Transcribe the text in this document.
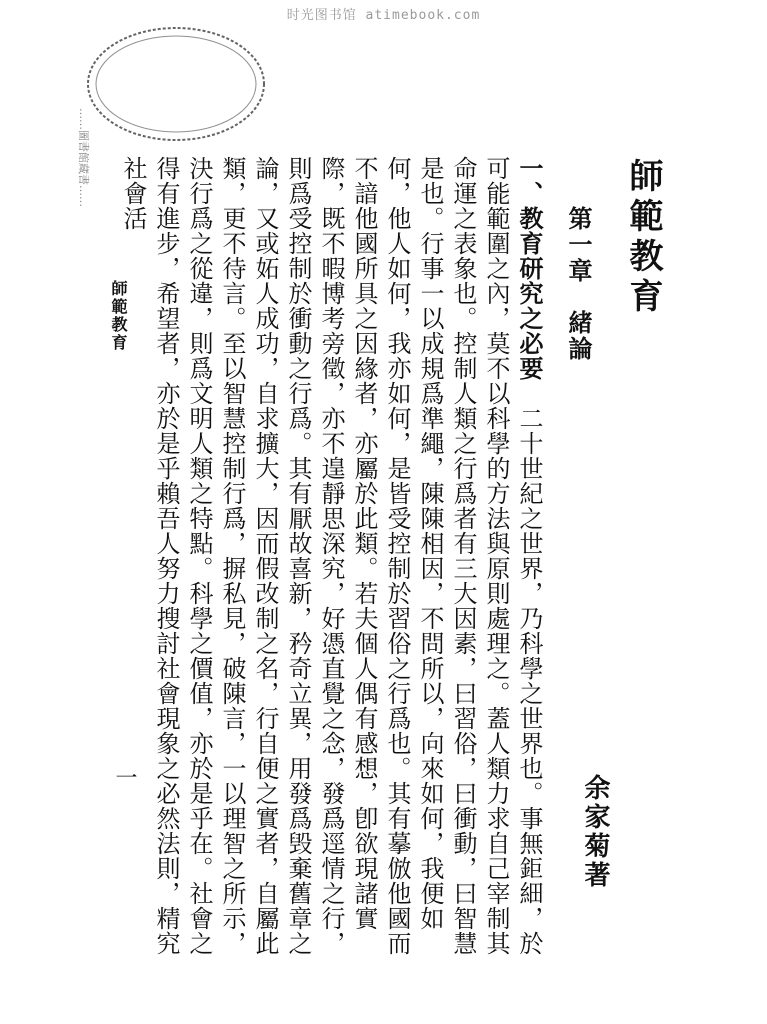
时光图书馆 atimebook.com
……圖書館藏書……
師範教育
第一章　緒論
余家菊著
一、教育研究之必要　二十世紀之世界，乃科學之世界也。事無鉅細，於可能範圍之內，莫不以科學的方法與原則處理之。蓋人類力求自己宰制其命運之表象也。控制人類之行爲者有三大因素，曰習俗，曰衝動，曰智慧是也。行事一以成規爲準繩，陳陳相因，不問所以，向來如何，我便如何，他人如何，我亦如何，是皆受控制於習俗之行爲也。其有摹倣他國而不諳他國所具之因緣者，亦屬於此類。若夫個人偶有感想，卽欲現諸實際，既不暇博考旁徵，亦不遑靜思深究，好憑直覺之念，發爲逕情之行，則爲受控制於衝動之行爲。其有厭故喜新，矜奇立異，用發爲毁棄舊章之論，又或妬人成功，自求擴大，因而假改制之名，行自便之實者，自屬此類，更不待言。至以智慧控制行爲，摒私見，破陳言，一以理智之所示，決行爲之從違，則爲文明人類之特點。科學之價值，亦於是乎在。社會之得有進步，希望者，亦於是乎賴吾人努力搜討社會現象之必然法則，精究社會活
師範教育
一
